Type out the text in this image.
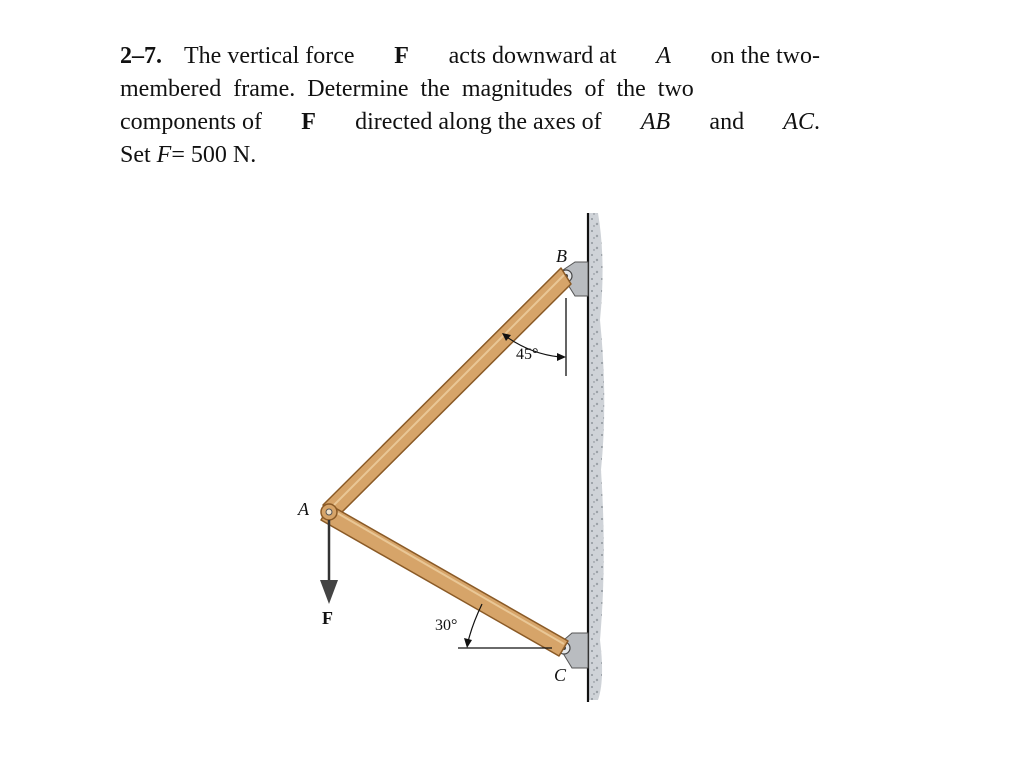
2–7. The vertical force F acts downward at A on the two-
membered frame. Determine the magnitudes of the two
components of F directed along the axes of AB and AC.
Set
F = 500 N.
B
A
C
F
45°
30°
